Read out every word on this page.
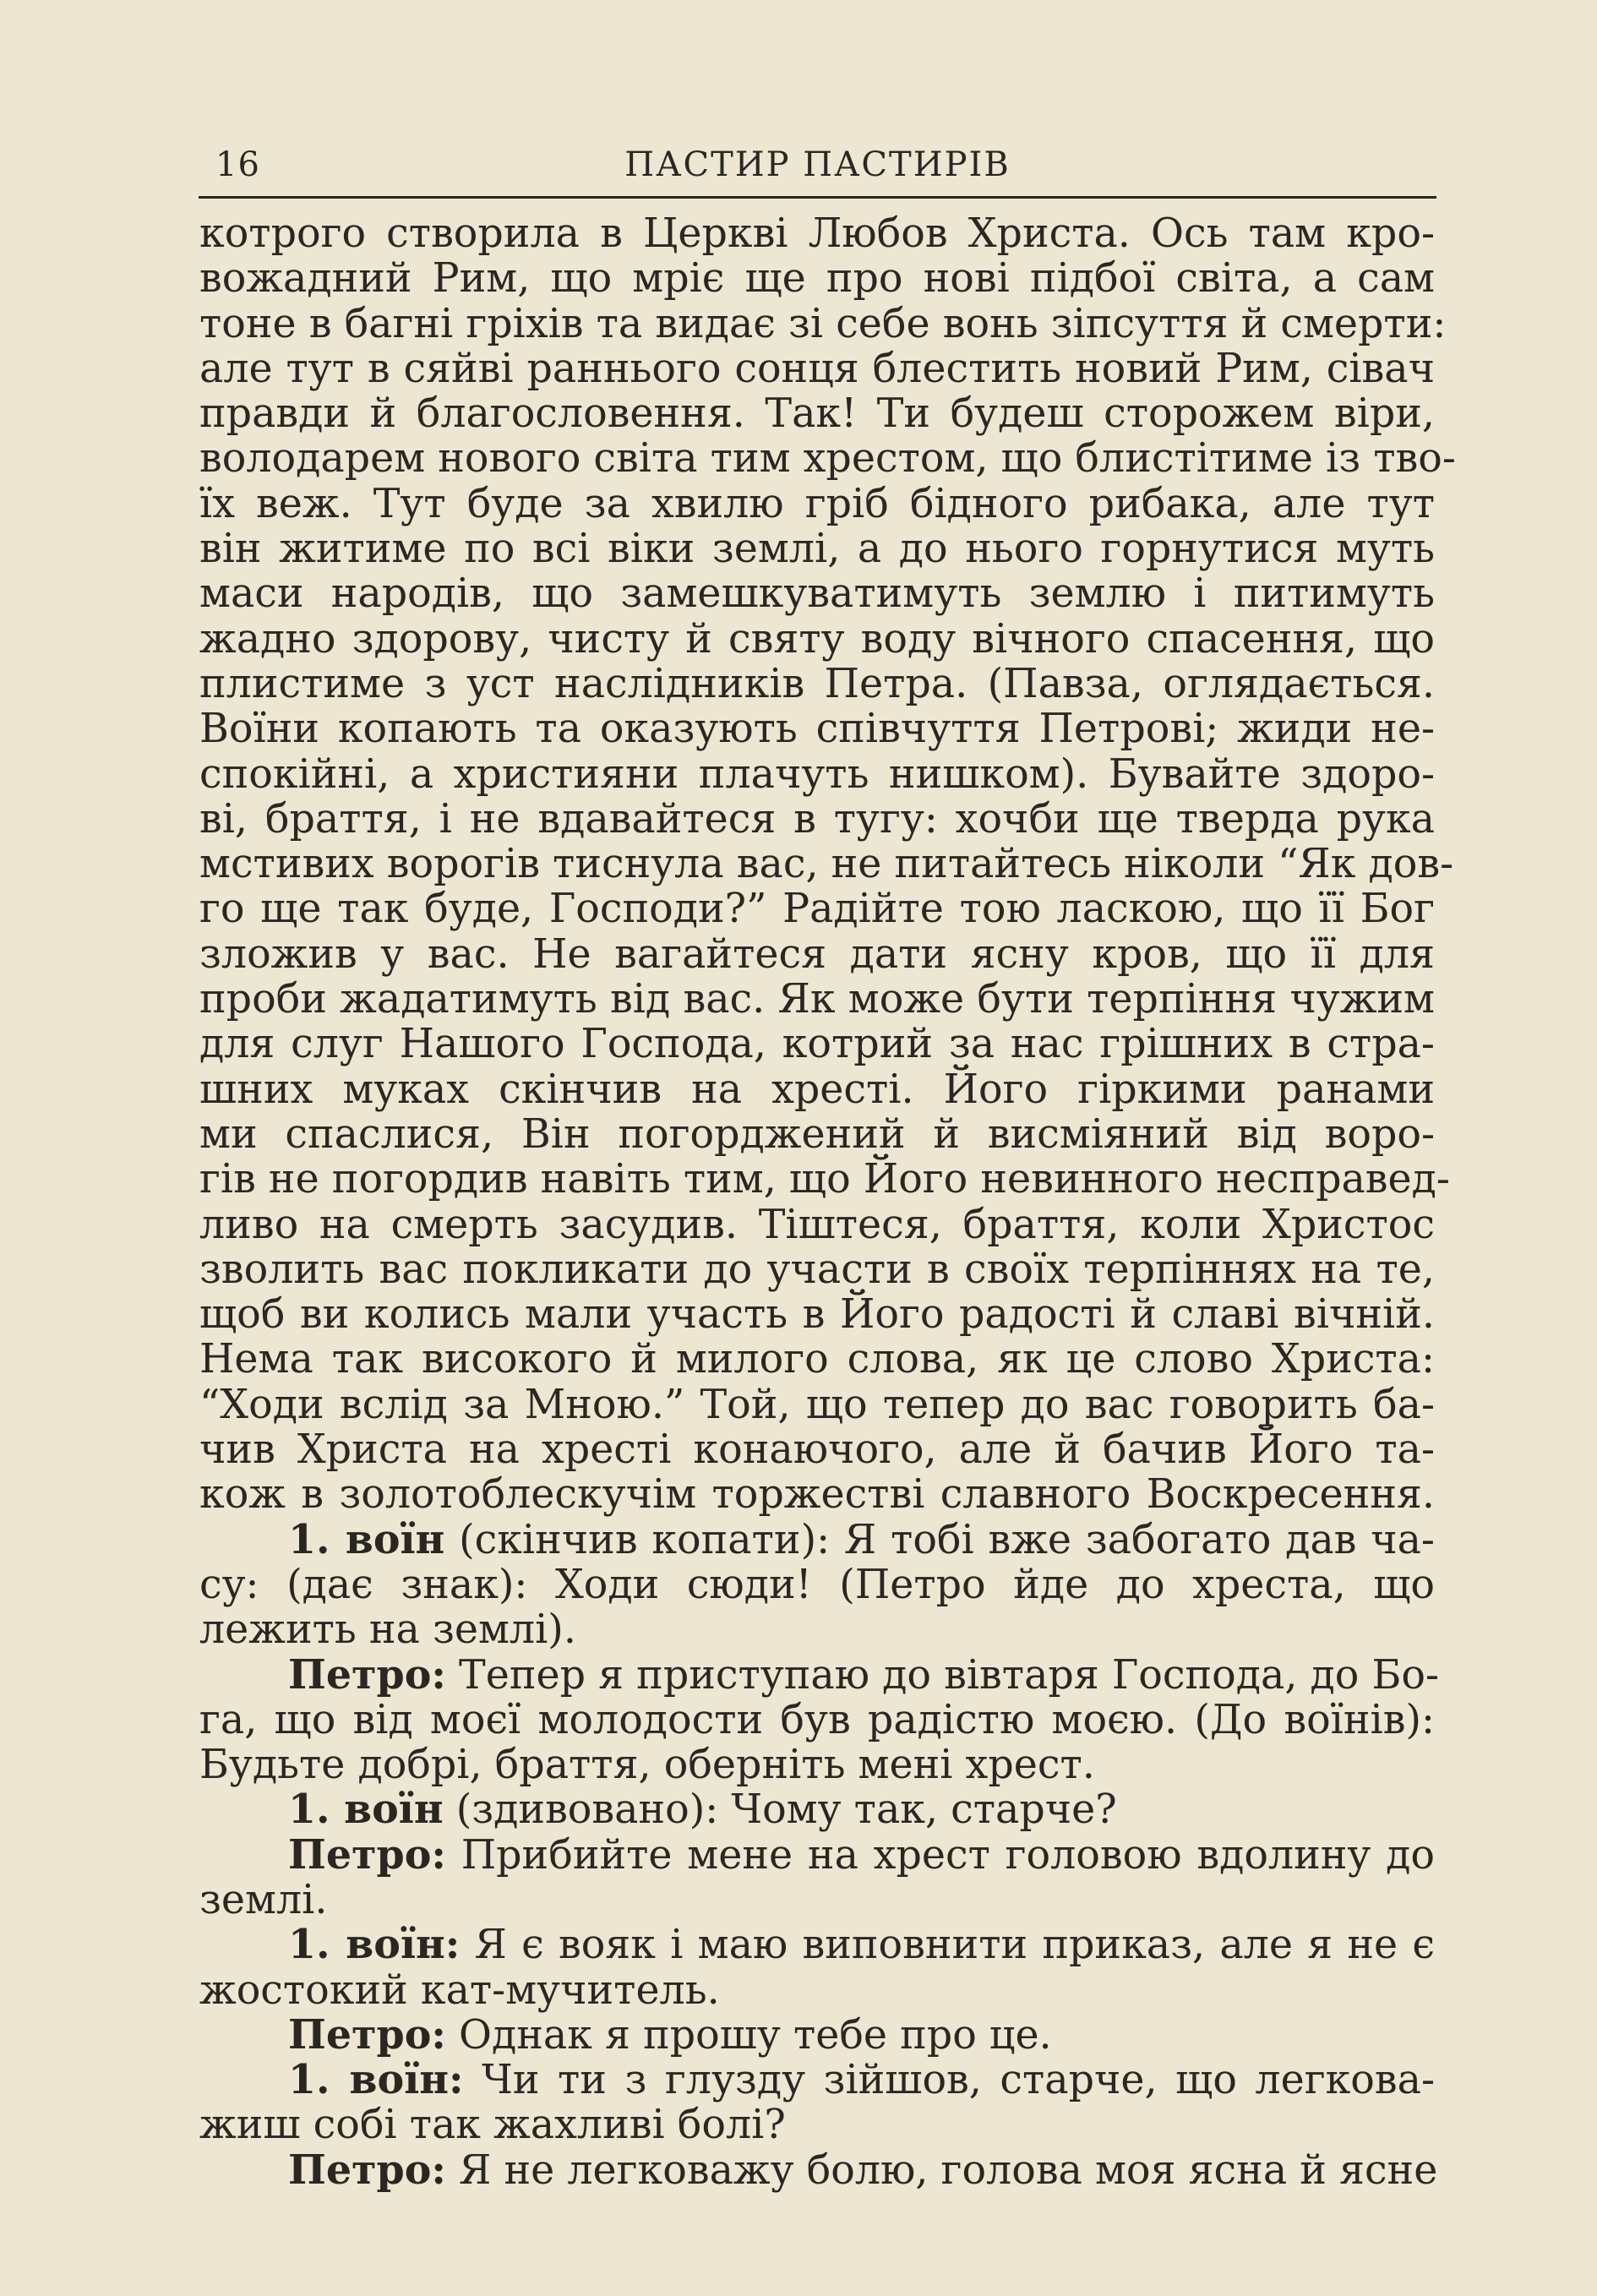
16	ПАСТИР ПАСТИРІВ
котрого створила в Церкві Любов Христа. Ось там кро-
вожадний Рим, що мріє ще про нові підбої світа, а сам
тоне в багні гріхів та видає зі себе вонь зіпсуття й смерти:
але тут в сяйві раннього сонця блестить новий Рим, сівач
правди й благословення. Так! Ти будеш сторожем віри,
володарем нового світа тим хрестом, що блистітиме із тво-
їх веж. Тут буде за хвилю гріб бідного рибака, але тут
він житиме по всі віки землі, а до нього горнутися муть
маси народів, що замешкуватимуть землю і питимуть
жадно здорову, чисту й святу воду вічного спасення, що
плистиме з уст наслідників Петра. (Павза, оглядається.
Воїни копають та оказують співчуття Петрові; жиди не-
спокійні, а християни плачуть нишком). Бувайте здоро-
ві, браття, і не вдавайтеся в тугу: хочби ще тверда рука
мстивих ворогів тиснула вас, не питайтесь ніколи “Як дов-
го ще так буде, Господи?” Радійте тою ласкою, що її Бог
зложив у вас. Не вагайтеся дати ясну кров, що її для
проби жадатимуть від вас. Як може бути терпіння чужим
для слуг Нашого Господа, котрий за нас грішних в стра-
шних муках скінчив на хресті. Його гіркими ранами
ми спаслися, Він погорджений й висміяний від воро-
гів не погордив навіть тим, що Його невинного несправед-
ливо на смерть засудив. Тіштеся, браття, коли Христос
зволить вас покликати до участи в своїх терпіннях на те,
щоб ви колись мали участь в Його радості й славі вічній.
Нема так високого й милого слова, як це слово Христа:
“Ходи вслід за Мною.” Той, що тепер до вас говорить ба-
чив Христа на хресті конаючого, але й бачив Його та-
кож в золотоблескучім торжестві славного Воскресення.
1. воїн (скінчив копати): Я тобі вже забогато дав ча-
су: (дає знак): Ходи сюди! (Петро йде до хреста, що
лежить на землі).
Петро: Тепер я приступаю до вівтаря Господа, до Бо-
га, що від моєї молодости був радістю моєю. (До воїнів):
Будьте добрі, браття, оберніть мені хрест.
1. воїн (здивовано): Чому так, старче?
Петро: Прибийте мене на хрест головою вдолину до
землі.
1. воїн: Я є вояк і маю виповнити приказ, але я не є
жостокий кат-мучитель.
Петро: Однак я прошу тебе про це.
1. воїн: Чи ти з глузду зійшов, старче, що легкова-
жиш собі так жахливі болі?
Петро: Я не легковажу болю, голова моя ясна й ясне
